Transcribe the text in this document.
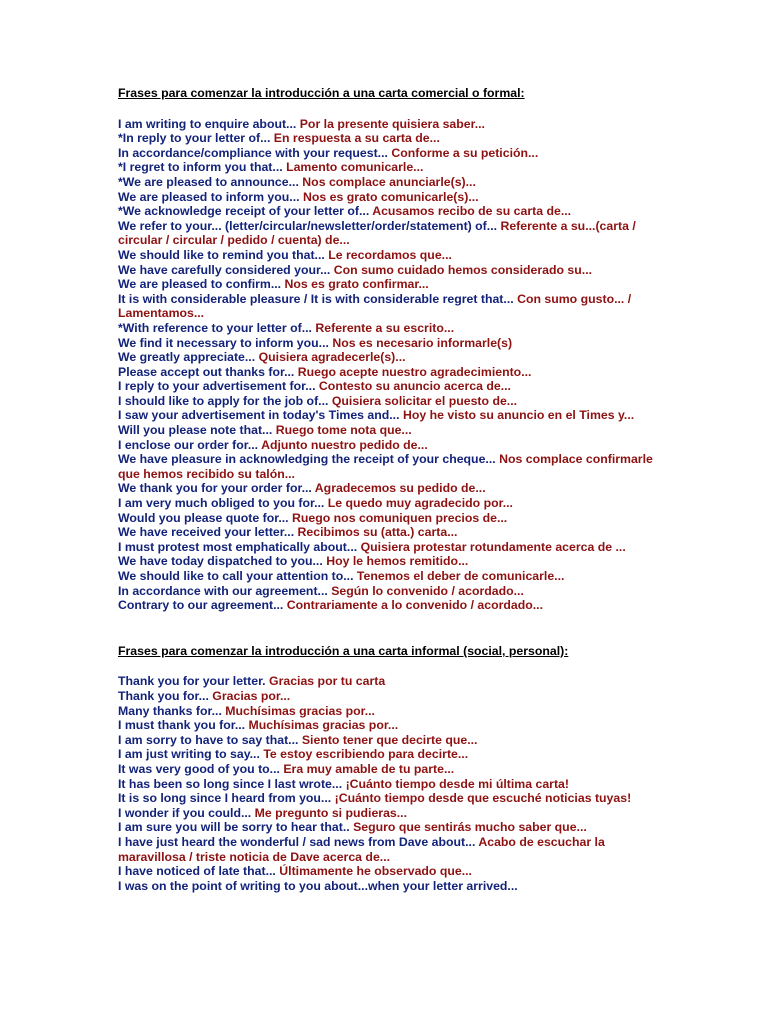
Frases para comenzar la introducción a una carta comercial o formal:

I am writing to enquire about... Por la presente quisiera saber...
*In reply to your letter of... En respuesta a su carta de...
In accordance/compliance with your request... Conforme a su petición...
*I regret to inform you that... Lamento comunicarle...
*We are pleased to announce... Nos complace anunciarle(s)...
We are pleased to inform you... Nos es grato comunicarle(s)...
*We acknowledge receipt of your letter of... Acusamos recibo de su carta de...
We refer to your... (letter/circular/newsletter/order/statement) of... Referente a su...(carta / circular / circular / pedido / cuenta) de...
We should like to remind you that... Le recordamos que...
We have carefully considered your... Con sumo cuidado hemos considerado su...
We are pleased to confirm... Nos es grato confirmar...
It is with considerable pleasure / It is with considerable regret that... Con sumo gusto... / Lamentamos...
*With reference to your letter of... Referente a su escrito...
We find it necessary to inform you... Nos es necesario informarle(s)
We greatly appreciate... Quisiera agradecerle(s)...
Please accept out thanks for... Ruego acepte nuestro agradecimiento...
I reply to your advertisement for... Contesto su anuncio acerca de...
I should like to apply for the job of... Quisiera solicitar el puesto de...
I saw your advertisement in today's Times and... Hoy he visto su anuncio en el Times y...
Will you please note that... Ruego tome nota que...
I enclose our order for... Adjunto nuestro pedido de...
We have pleasure in acknowledging the receipt of your cheque... Nos complace confirmarle que hemos recibido su talón...
We thank you for your order for... Agradecemos su pedido de...
I am very much obliged to you for... Le quedo muy agradecido por...
Would you please quote for... Ruego nos comuniquen precios de...
We have received your letter... Recibimos su (atta.) carta...
I must protest most emphatically about... Quisiera protestar rotundamente acerca de ...
We have today dispatched to you... Hoy le hemos remitido...
We should like to call your attention to... Tenemos el deber de comunicarle...
In accordance with our agreement... Según lo convenido / acordado...
Contrary to our agreement... Contrariamente a lo convenido / acordado...

Frases para comenzar la introducción a una carta informal (social, personal):

Thank you for your letter. Gracias por tu carta
Thank you for... Gracias por...
Many thanks for... Muchísimas gracias por...
I must thank you for... Muchísimas gracias por...
I am sorry to have to say that... Siento tener que decirte que...
I am just writing to say... Te estoy escribiendo para decirte...
It was very good of you to... Era muy amable de tu parte...
It has been so long since I last wrote... ¡Cuánto tiempo desde mi última carta!
It is so long since I heard from you... ¡Cuánto tiempo desde que escuché noticias tuyas!
I wonder if you could... Me pregunto si pudieras...
I am sure you will be sorry to hear that.. Seguro que sentirás mucho saber que...
I have just heard the wonderful / sad news from Dave about... Acabo de escuchar la maravillosa / triste noticia de Dave acerca de...
I have noticed of late that... Últimamente he observado que...
I was on the point of writing to you about...when your letter arrived...
